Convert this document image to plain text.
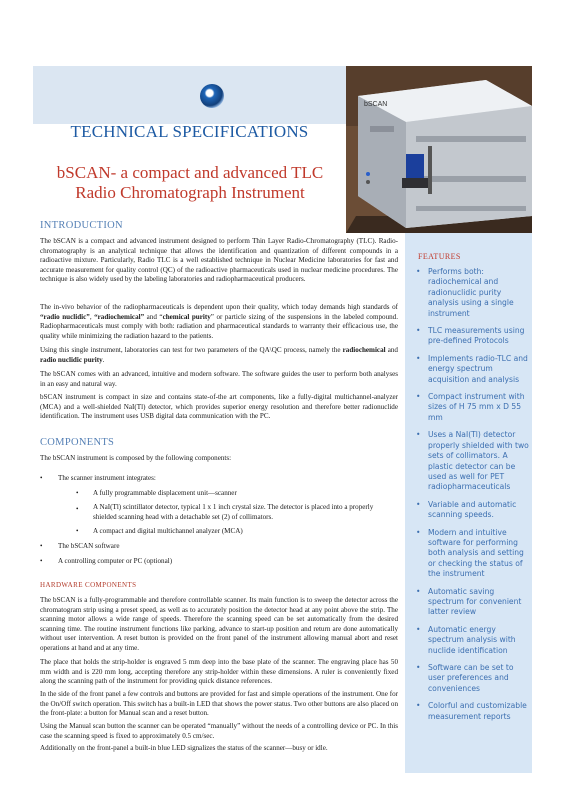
bSCAN
TECHNICAL SPECIFICATIONS
bSCAN- a compact and advanced TLC
Radio Chromatograph Instrument
INTRODUCTION
The bSCAN is a compact and advanced instrument designed to perform Thin Layer Radio-Chromatography (TLC). Radio-chromatography is an analytical technique that allows the identification and quantization of different compounds in a radioactive mixture. Particularly, Radio TLC is a well established technique in Nuclear Medicine laboratories for fast and accurate measurement for quality control (QC) of the radioactive pharmaceuticals used in nuclear medicine procedures. The technique is also widely used by the labeling laboratories and radiopharmaceutical producers.
The in-vivo behavior of the radiopharmaceuticals is dependent upon their quality, which today demands high standards of “radio nuclidic”, “radiochemical” and “chemical purity” or particle sizing of the suspensions in the labeled compound. Radiopharmaceuticals must comply with both: radiation and pharmaceutical standards to warranty their efficacious use, the quality while minimizing the radiation hazard to the patients.
Using this single instrument, laboratories can test for two parameters of the QA\QC process, namely the radiochemical and radio nuclidic purity.
The bSCAN comes with an advanced, intuitive and modern software. The software guides the user to perform both analyses in an easy and natural way.
bSCAN instrument is compact in size and contains state-of-the art components, like a fully-digital multichannel-analyzer (MCA) and a well-shielded NaI(Tl) detector, which provides superior energy resolution and therefore better radionuclide identification. The instrument uses USB digital data communication with the PC.
COMPONENTS
The bSCAN instrument is composed by the following components:
• The scanner instrument integrates:
• A fully programmable displacement unit—scanner
• A NaI(Tl) scintillator detector, typical 1 x 1 inch crystal size. The detector is placed into a properly shielded scanning head with a detachable set (2) of collimators.
• A compact and digital multichannel analyzer (MCA)
• The bSCAN software
• A controlling computer or PC (optional)
HARDWARE COMPONENTS
The bSCAN is a fully-programmable and therefore controllable scanner. Its main function is to sweep the detector across the chromatogram strip using a preset speed, as well as to accurately position the detector head at any point above the strip. The scanning motor allows a wide range of speeds. Therefore the scanning speed can be set automatically from the desired scanning time. The routine instrument functions like parking, advance to start-up position and return are done automatically without user intervention. A reset button is provided on the front panel of the instrument allowing manual abort and reset operations at hand and at any time.
The place that holds the strip-holder is engraved 5 mm deep into the base plate of the scanner. The engraving place has 50 mm width and is 220 mm long, accepting therefore any strip-holder within these dimensions. A ruler is conveniently fixed along the scanning path of the instrument for providing quick distance references.
In the side of the front panel a few controls and buttons are provided for fast and simple operations of the instrument. One for the On/Off switch operation. This switch has a built-in LED that shows the power status. Two other buttons are also placed on the front-plate: a button for Manual scan and a reset button.
Using the Manual scan button the scanner can be operated “manually” without the needs of a controlling device or PC. In this case the scanning speed is fixed to approximately 0.5 cm/sec.
Additionally on the front-panel a built-in blue LED signalizes the status of the scanner—busy or idle.
FEATURES
• Performs both: radiochemical and radionuclidic purity analysis using a single instrument
• TLC measurements using pre-defined Protocols
• Implements radio-TLC and energy spectrum acquisition and analysis
• Compact instrument with sizes of H 75 mm x D 55 mm
• Uses a NaI(Tl) detector properly shielded with two sets of collimators. A plastic detector can be used as well for PET radiopharmaceuticals
• Variable and automatic scanning speeds.
• Modern and intuitive software for performing both analysis and setting or checking the status of the instrument
• Automatic saving spectrum for convenient latter review
• Automatic energy spectrum analysis with nuclide identification
• Software can be set to user preferences and conveniences
• Colorful and customizable measurement reports
